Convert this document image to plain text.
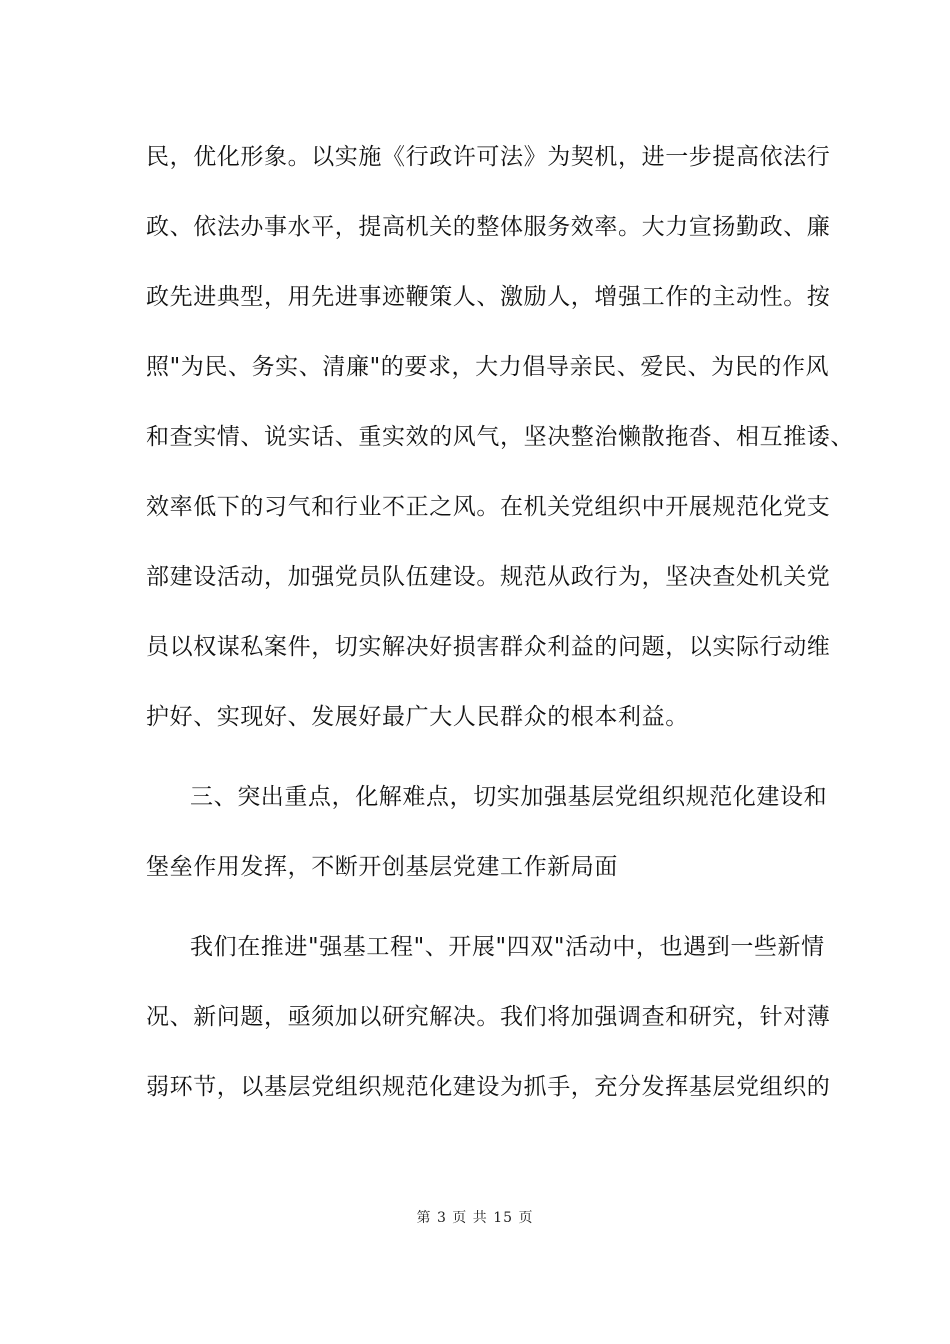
民，优化形象。以实施《行政许可法》为契机，进一步提高依法行
政、依法办事水平，提高机关的整体服务效率。大力宣扬勤政、廉
政先进典型，用先进事迹鞭策人、激励人，增强工作的主动性。按
照"为民、务实、清廉"的要求，大力倡导亲民、爱民、为民的作风
和查实情、说实话、重实效的风气，坚决整治懒散拖沓、相互推诿、
效率低下的习气和行业不正之风。在机关党组织中开展规范化党支
部建设活动，加强党员队伍建设。规范从政行为，坚决查处机关党
员以权谋私案件，切实解决好损害群众利益的问题，以实际行动维
护好、实现好、发展好最广大人民群众的根本利益。
三、突出重点，化解难点，切实加强基层党组织规范化建设和
堡垒作用发挥，不断开创基层党建工作新局面
我们在推进"强基工程"、开展"四双"活动中，也遇到一些新情
况、新问题，亟须加以研究解决。我们将加强调查和研究，针对薄
弱环节，以基层党组织规范化建设为抓手，充分发挥基层党组织的
第 3 页 共 15 页
